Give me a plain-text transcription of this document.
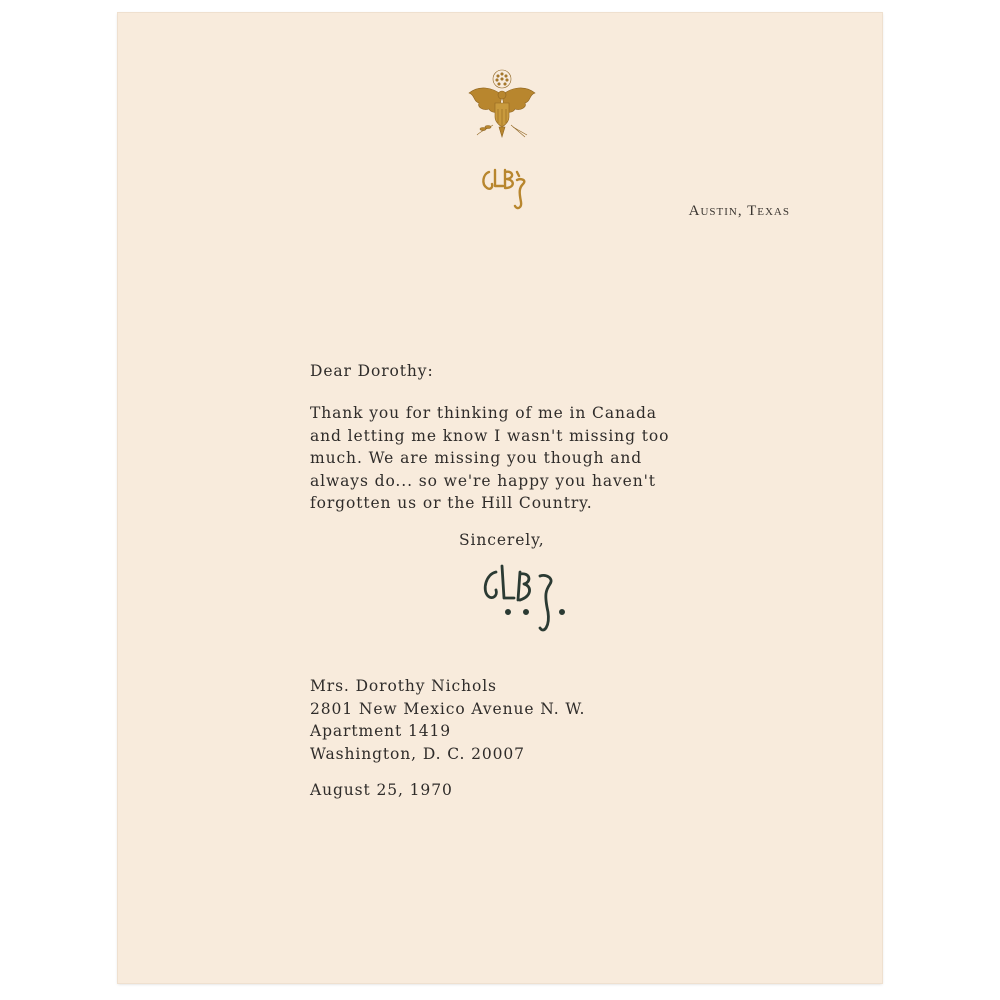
Austin, Texas
Dear Dorothy:
Thank you for thinking of me in Canada
and letting me know I wasn't missing too
much. We are missing you though and
always do... so we're happy you haven't
forgotten us or the Hill Country.
Sincerely,
Mrs. Dorothy Nichols
2801 New Mexico Avenue N. W.
Apartment 1419
Washington, D. C. 20007
August 25, 1970
